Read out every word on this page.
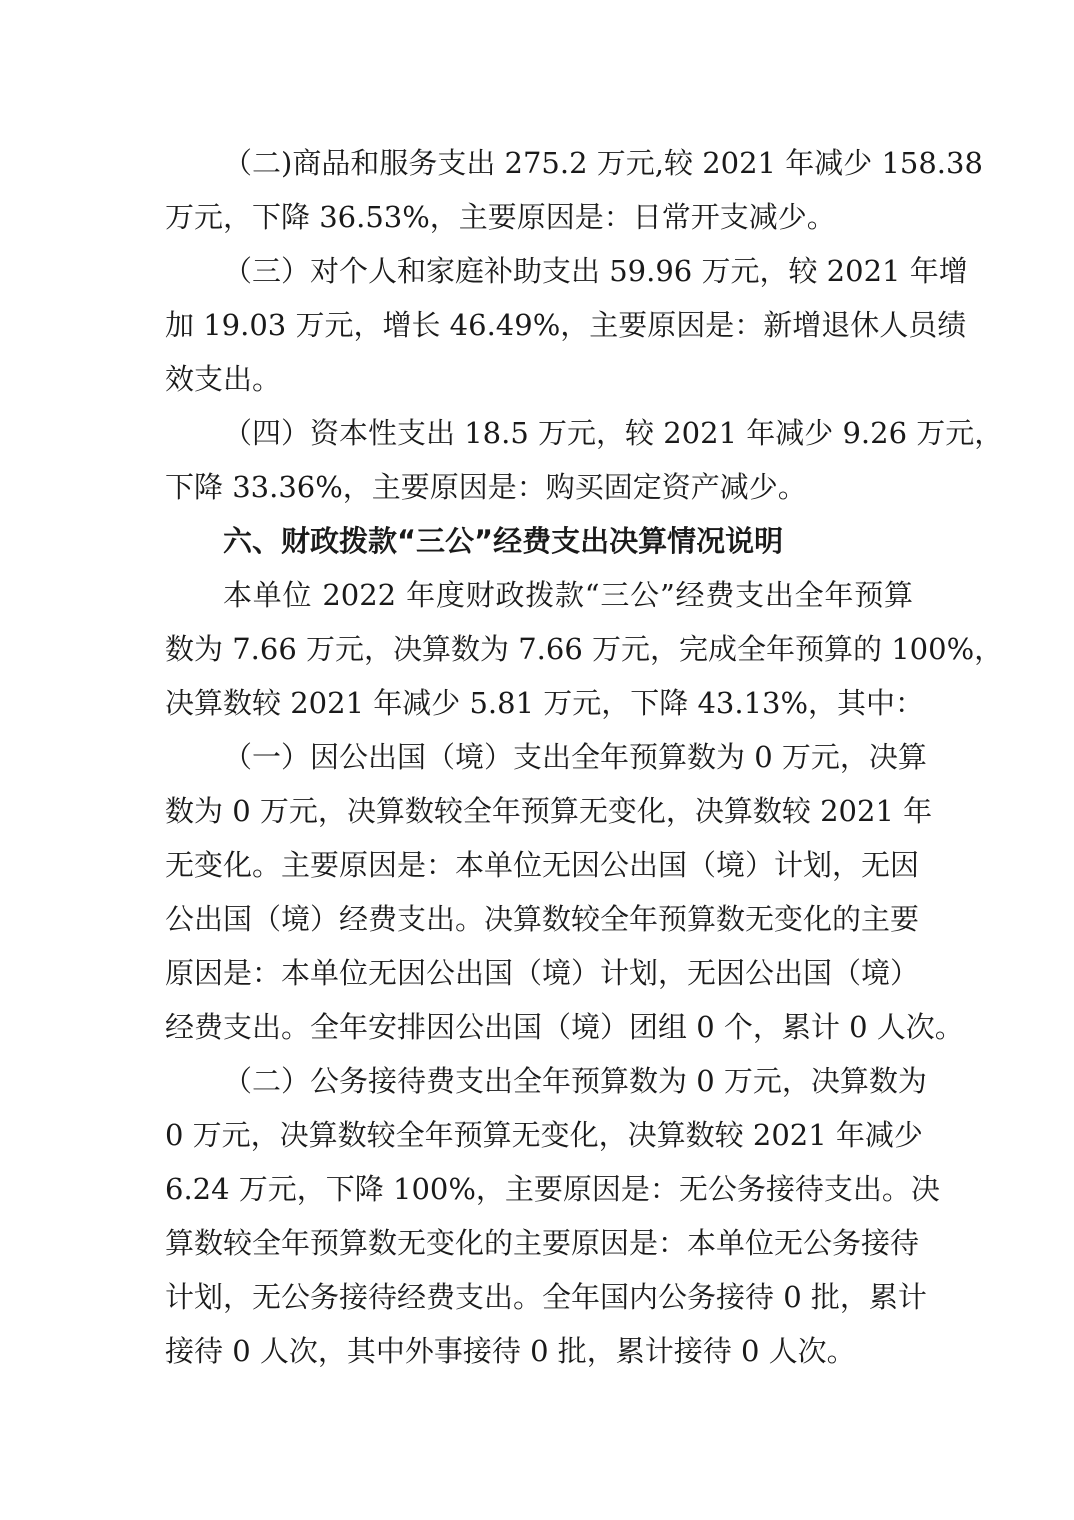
（二)商品和服务支出 275.2 万元,较 2021 年减少 158.38
万元，下降 36.53%，主要原因是：日常开支减少。
（三）对个人和家庭补助支出 59.96 万元，较 2021 年增
加 19.03 万元，增长 46.49%，主要原因是：新增退休人员绩
效支出。
（四）资本性支出 18.5 万元，较 2021 年减少 9.26 万元，
下降 33.36%，主要原因是：购买固定资产减少。
六、财政拨款“三公”经费支出决算情况说明
本单位 2022 年度财政拨款“三公”经费支出全年预算
数为 7.66 万元，决算数为 7.66 万元，完成全年预算的 100%，
决算数较 2021 年减少 5.81 万元，下降 43.13%，其中：
（一）因公出国（境）支出全年预算数为 0 万元，决算
数为 0 万元，决算数较全年预算无变化，决算数较 2021 年
无变化。主要原因是：本单位无因公出国（境）计划，无因
公出国（境）经费支出。决算数较全年预算数无变化的主要
原因是：本单位无因公出国（境）计划，无因公出国（境）
经费支出。全年安排因公出国（境）团组 0 个，累计 0 人次。
（二）公务接待费支出全年预算数为 0 万元，决算数为
0 万元，决算数较全年预算无变化，决算数较 2021 年减少
6.24 万元，下降 100%，主要原因是：无公务接待支出。决
算数较全年预算数无变化的主要原因是：本单位无公务接待
计划，无公务接待经费支出。全年国内公务接待 0 批，累计
接待 0 人次，其中外事接待 0 批，累计接待 0 人次。
